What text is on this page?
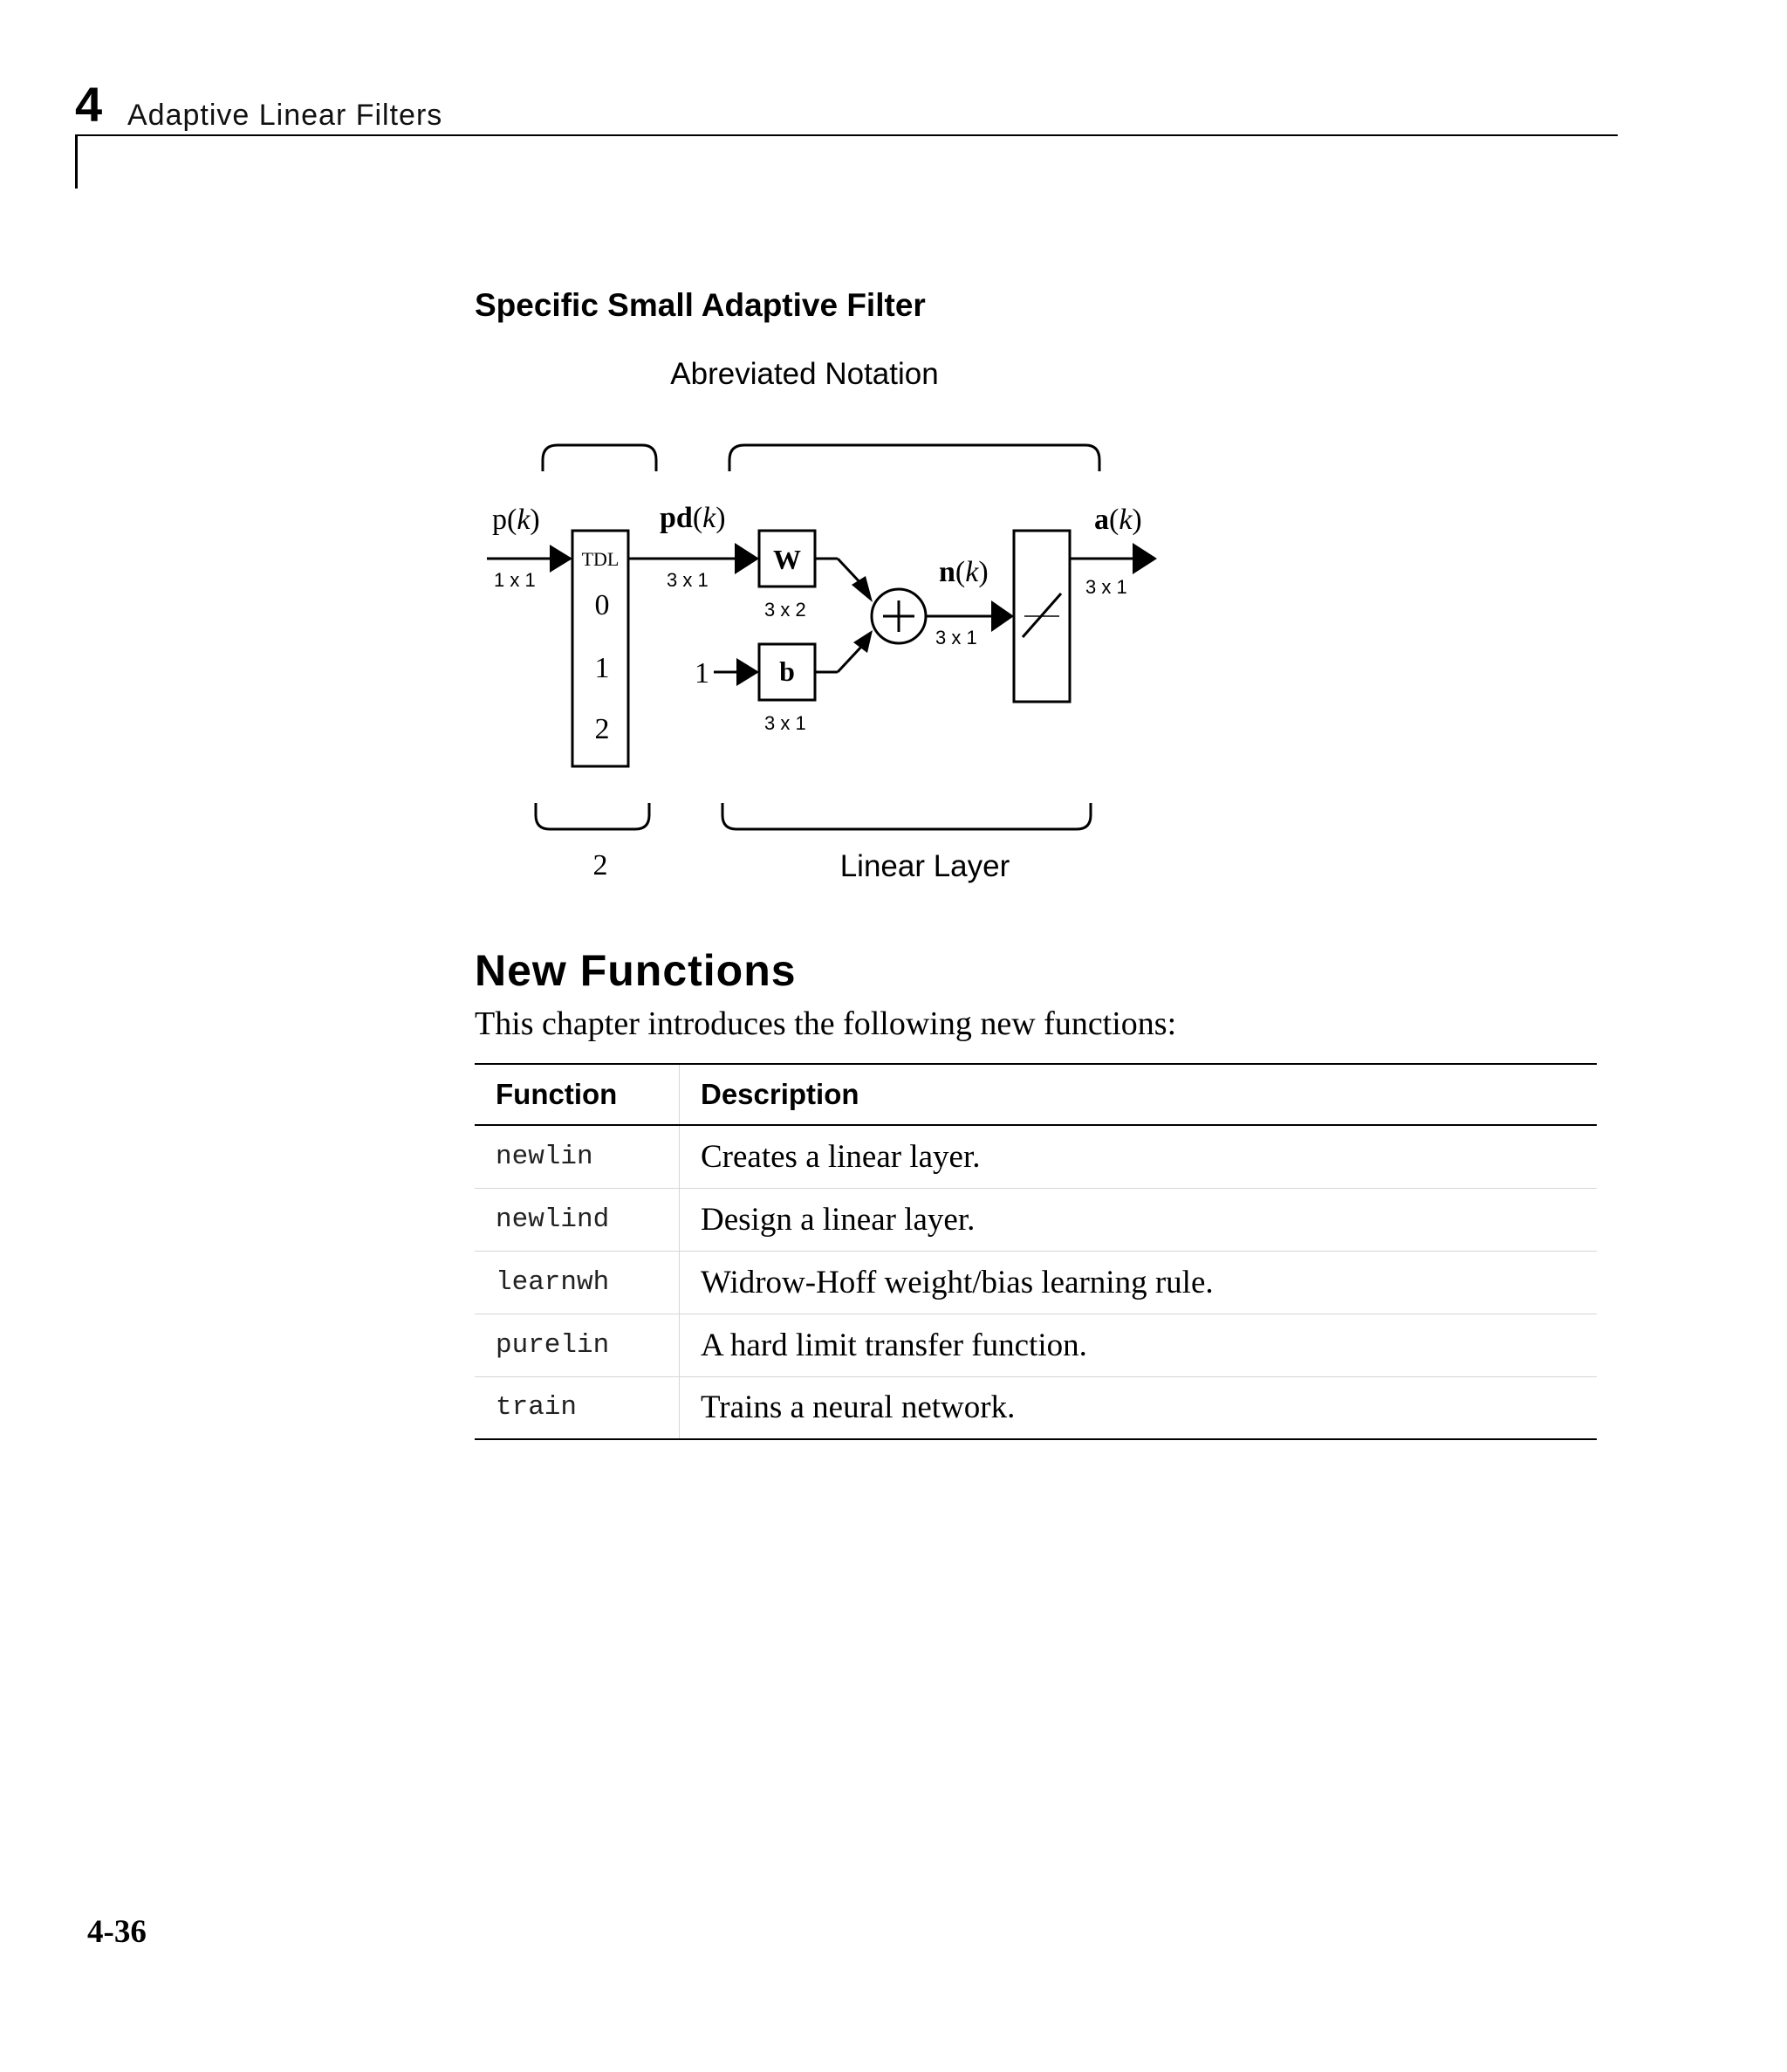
4 Adaptive Linear Filters
Specific Small Adaptive Filter
Abreviated Notation
p(k)
1 x 1
TDL
0
1
2
pd(k)
3 x 1
W
3 x 2
1	b
3 x 1
n(k)
3 x 1
a(k)
3 x 1
2	Linear Layer
New Functions
This chapter introduces the following new functions:
Function	Description
newlin	Creates a linear layer.
newlind	Design a linear layer.
learnwh	Widrow-Hoff weight/bias learning rule.
purelin	A hard limit transfer function.
train	Trains a neural network.
4-36
